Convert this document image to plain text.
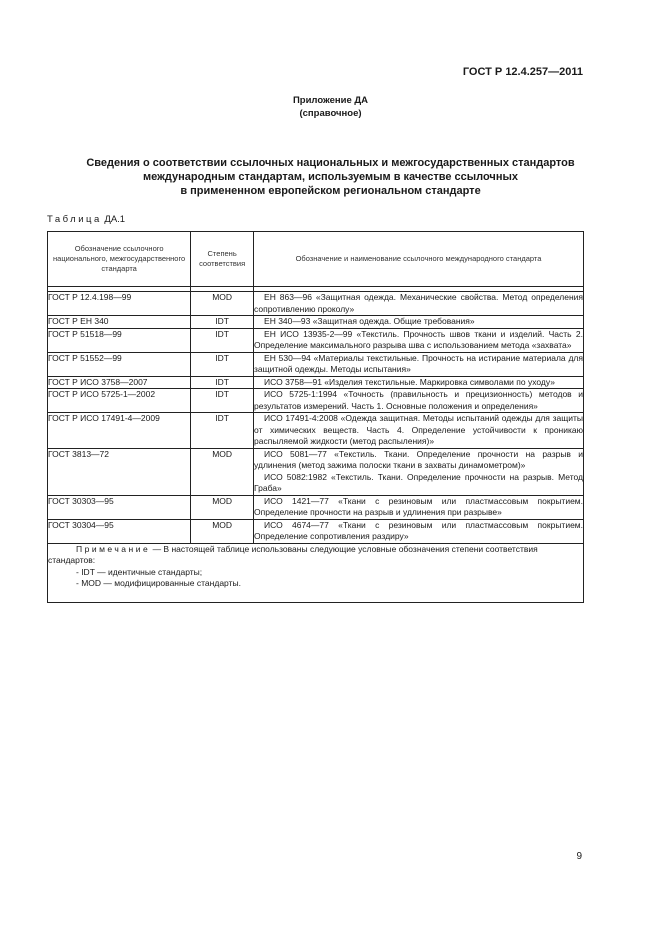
ГОСТ Р 12.4.257—2011
Приложение ДА
(справочное)
Сведения о соответствии ссылочных национальных и межгосударственных стандартов
международным стандартам, используемым в качестве ссылочных
в примененном европейском региональном стандарте
Таблица ДА.1
Обозначение ссылочного национального, межгосударственного стандарта	Степень соответствия	Обозначение и наименование ссылочного международного стандарта

ГОСТ Р 12.4.198—99	MOD	ЕН 863—96 «Защитная одежда. Механические свойства. Метод определения сопротивлению проколу»

ГОСТ Р ЕН 340	IDT	ЕН 340—93 «Защитная одежда. Общие требования»

ГОСТ Р 51518—99	IDT	ЕН ИСО 13935-2—99 «Текстиль. Прочность швов ткани и изделий. Часть 2. Определение максимального разрыва шва с использованием метода «захвата»

ГОСТ Р 51552—99	IDT	ЕН 530—94 «Материалы текстильные. Прочность на истирание материала для защитной одежды. Методы испытания»

ГОСТ Р ИСО 3758—2007	IDT	ИСО 3758—91 «Изделия текстильные. Маркировка символами по уходу»

ГОСТ Р ИСО 5725-1—2002	IDT	ИСО 5725-1:1994 «Точность (правильность и прецизионность) методов и результатов измерений. Часть 1. Основные положения и определения»

ГОСТ Р ИСО 17491-4—2009	IDT	ИСО 17491-4:2008 «Одежда защитная. Методы испытаний одежды для защиты от химических веществ. Часть 4. Определение устойчивости к проникаю распыляемой жидкости (метод распыления)»

ГОСТ 3813—72	MOD	ИСО 5081—77 «Текстиль. Ткани. Определение прочности на разрыв и удлинения (метод зажима полоски ткани в захваты динамометром)»

ИСО 5082:1982 «Текстиль. Ткани. Определение прочности на разрыв. Метод Граба»

ГОСТ 30303—95	MOD	ИСО 1421—77 «Ткани с резиновым или пластмассовым покрытием. Определение прочности на разрыв и удлинения при разрыве»

ГОСТ 30304—95	MOD	ИСО 4674—77 «Ткани с резиновым или пластмассовым покрытием. Определение сопротивления раздиру»

Примечание — В настоящей таблице использованы следующие условные обозначения степени соответствия стандартов:

- IDT — идентичные стандарты;

- MOD — модифицированные стандарты.		

9
